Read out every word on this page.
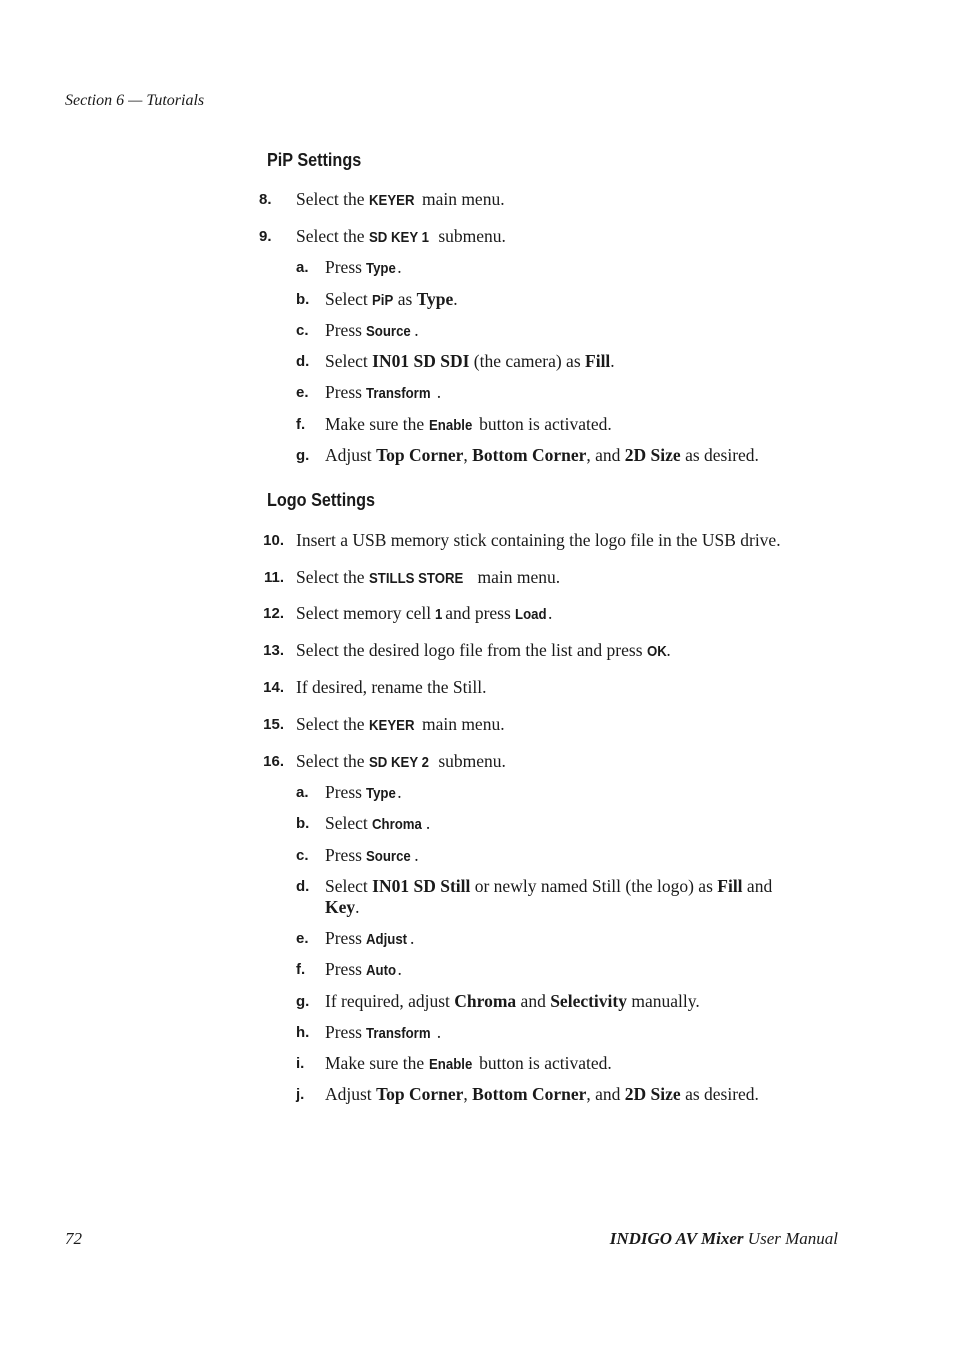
Section 6 — Tutorials
PiP Settings
8. Select the KEYER main menu.
9. Select the SD KEY 1 submenu.
a. Press Type.
b. Select PiP as Type.
c. Press Source .
d. Select IN01 SD SDI (the camera) as Fill.
e. Press Transform .
f. Make sure the Enable button is activated.
g. Adjust Top Corner, Bottom Corner, and 2D Size as desired.
Logo Settings
10. Insert a USB memory stick containing the logo file in the USB drive.
11. Select the STILLS STORE main menu.
12. Select memory cell 1 and press Load.
13. Select the desired logo file from the list and press OK.
14. If desired, rename the Still.
15. Select the KEYER main menu.
16. Select the SD KEY 2 submenu.
a. Press Type.
b. Select Chroma .
c. Press Source .
d. Select IN01 SD Still or newly named Still (the logo) as Fill and
Key.
e. Press Adjust .
f. Press Auto.
g. If required, adjust Chroma and Selectivity manually.
h. Press Transform .
i. Make sure the Enable button is activated.
j. Adjust Top Corner, Bottom Corner, and 2D Size as desired.
72	INDIGO AV Mixer User Manual
